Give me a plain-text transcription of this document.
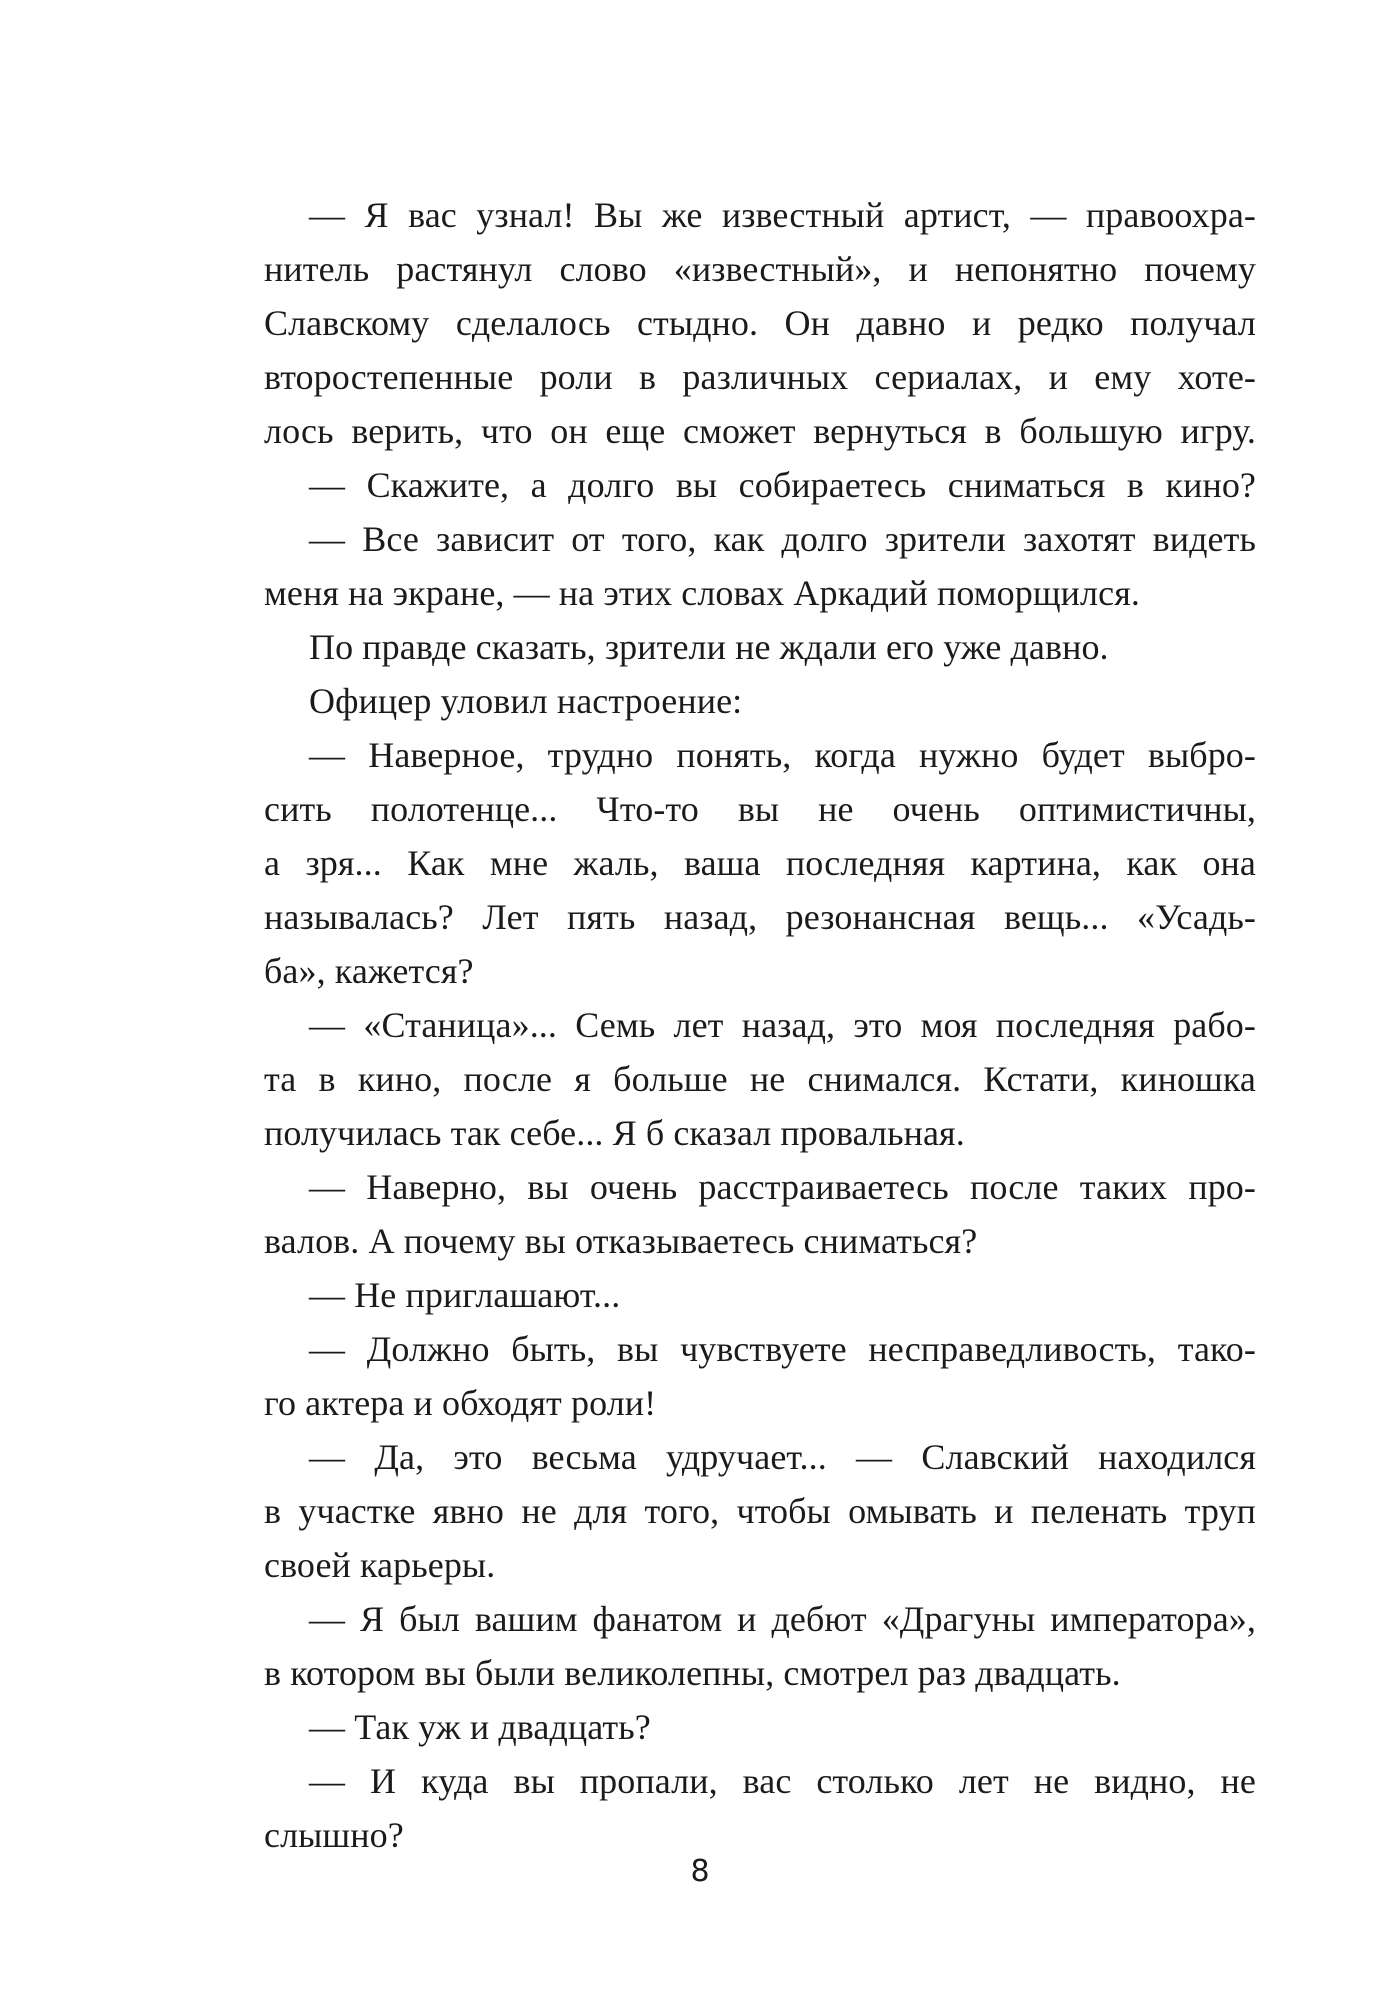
— Я вас узнал! Вы же известный артист, — правоохра-
нитель растянул слово «известный», и непонятно почему
Славскому сделалось стыдно. Он давно и редко получал
второстепенные роли в различных сериалах, и ему хоте-
лось верить, что он еще сможет вернуться в большую игру.
— Скажите, а долго вы собираетесь сниматься в кино?
— Все зависит от того, как долго зрители захотят видеть
меня на экране, — на этих словах Аркадий поморщился.
По правде сказать, зрители не ждали его уже давно.
Офицер уловил настроение:
— Наверное, трудно понять, когда нужно будет выбро-
сить полотенце... Что-то вы не очень оптимистичны,
а зря... Как мне жаль, ваша последняя картина, как она
называлась? Лет пять назад, резонансная вещь... «Усадь-
ба», кажется?
— «Станица»... Семь лет назад, это моя последняя рабо-
та в кино, после я больше не снимался. Кстати, киношка
получилась так себе... Я б сказал провальная.
— Наверно, вы очень расстраиваетесь после таких про-
валов. А почему вы отказываетесь сниматься?
— Не приглашают...
— Должно быть, вы чувствуете несправедливость, тако-
го актера и обходят роли!
— Да, это весьма удручает... — Славский находился
в участке явно не для того, чтобы омывать и пеленать труп
своей карьеры.
— Я был вашим фанатом и дебют «Драгуны императора»,
в котором вы были великолепны, смотрел раз двадцать.
— Так уж и двадцать?
— И куда вы пропали, вас столько лет не видно, не
слышно?
8
